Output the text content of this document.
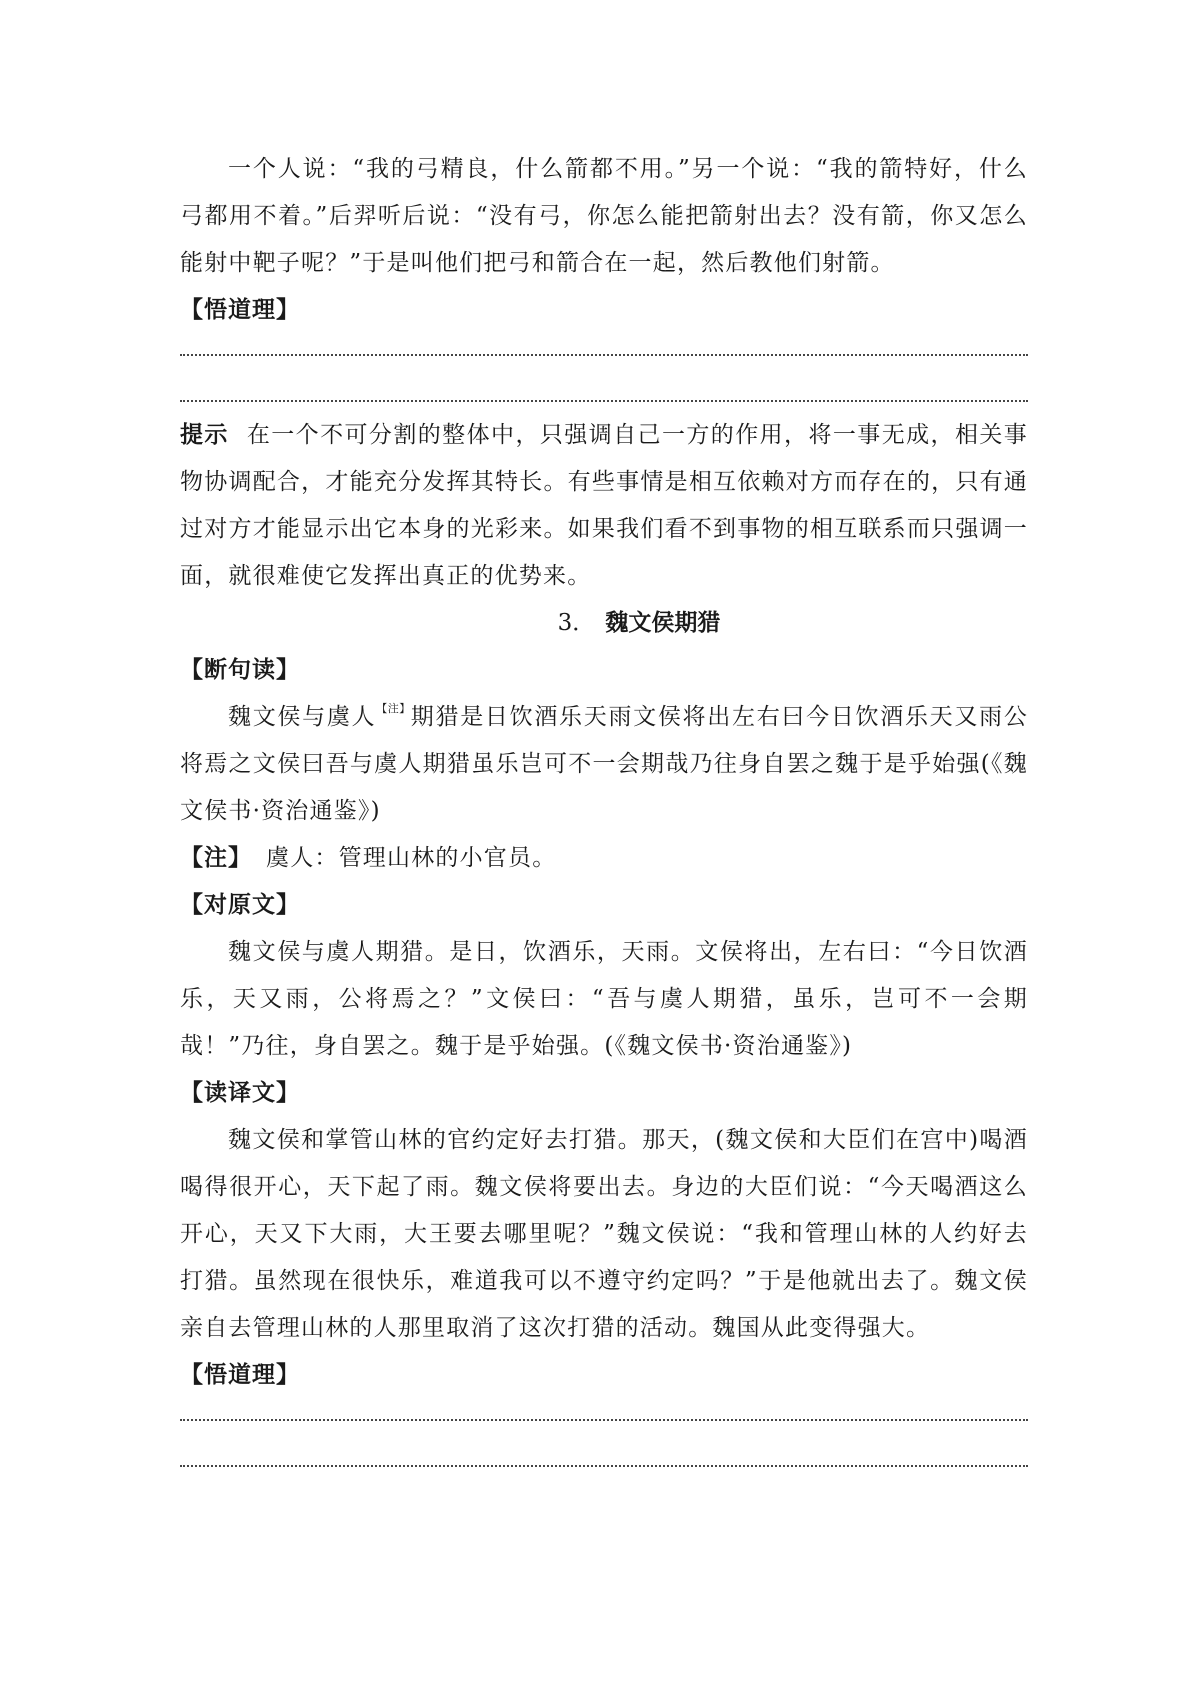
一个人说：“我的弓精良，什么箭都不用。”另一个说：“我的箭特好，什么弓都用不着。”后羿听后说：“没有弓，你怎么能把箭射出去？没有箭，你又怎么能射中靶子呢？”于是叫他们把弓和箭合在一起，然后教他们射箭。

【悟道理】

提示 在一个不可分割的整体中，只强调自己一方的作用，将一事无成，相关事物协调配合，才能充分发挥其特长。有些事情是相互依赖对方而存在的，只有通过对方才能显示出它本身的光彩来。如果我们看不到事物的相互联系而只强调一面，就很难使它发挥出真正的优势来。

3． 魏文侯期猎

【断句读】

魏文侯与虞人$^{【注】}$期猎是日饮酒乐天雨文侯将出左右曰今日饮酒乐天又雨公将焉之文侯曰吾与虞人期猎虽乐岂可不一会期哉乃往身自罢之魏于是乎始强(《魏文侯书·资治通鉴》)

【注】 虞人：管理山林的小官员。

【对原文】

魏文侯与虞人期猎。是日，饮酒乐，天雨。文侯将出，左右曰：“今日饮酒乐，天又雨，公将焉之？”文侯曰：“吾与虞人期猎，虽乐，岂可不一会期哉！”乃往，身自罢之。魏于是乎始强。(《魏文侯书·资治通鉴》)

【读译文】

魏文侯和掌管山林的官约定好去打猎。那天，(魏文侯和大臣们在宫中)喝酒喝得很开心，天下起了雨。魏文侯将要出去。身边的大臣们说：“今天喝酒这么开心，天又下大雨，大王要去哪里呢？”魏文侯说：“我和管理山林的人约好去打猎。虽然现在很快乐，难道我可以不遵守约定吗？”于是他就出去了。魏文侯亲自去管理山林的人那里取消了这次打猎的活动。魏国从此变得强大。

【悟道理】
